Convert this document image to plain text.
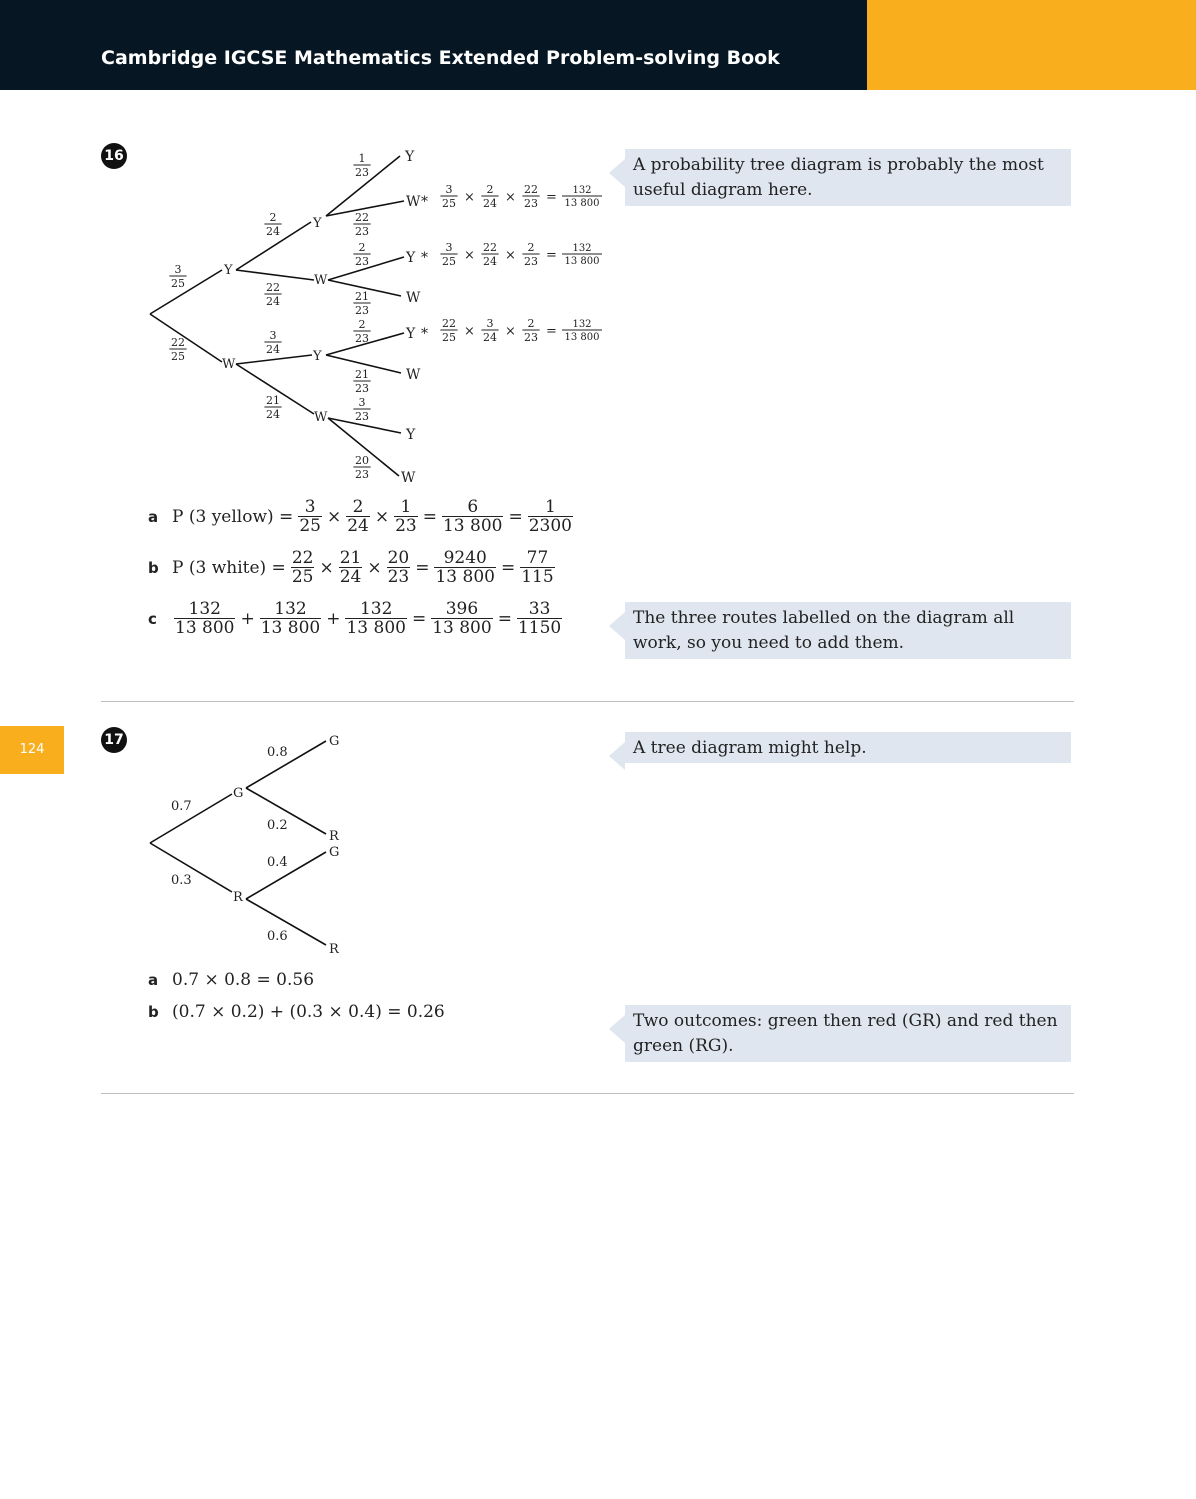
Cambridge IGCSE Mathematics Extended Problem-solving Book
124
16
Y
W
Y
W
Y
W
Y
W
Y
W
Y
W
Y
W
*
*
*
3
25
22
25
2
24
22
24
3
24
21
24
1
23
22
23
2
23
21
23
2
23
21
23
3
23
20
23
3
25 ×
2
24 ×
22
23 = 132
13 800
3
25 ×
22
24 ×
2
23 = 132
13 800
22
25 ×
3
24 ×
2
23 = 132
13 800
a P (3 yellow) = $\frac{3}{25} \times \frac{2}{24} \times \frac{1}{23} = \frac{6}{13 800} = \frac{1}{2300}$
b P (3 white) = $\frac{22}{25} \times \frac{21}{24} \times \frac{20}{23} = \frac{9240}{13 800} = \frac{77}{115}$
c	$\frac{132}{13 800} + \frac{132}{13 800} + \frac{132}{13 800} = \frac{396}{13 800} = \frac{33}{1150}$
A probability tree diagram is probably the most useful diagram here.
The three routes labelled on the diagram all work, so you need to add them.
17
0.7
0.3
G
R
0.8
0.2
0.4
0.6
G
R
G
R
a 0.7 × 0.8 = 0.56
b (0.7 × 0.2) + (0.3 × 0.4) = 0.26
A tree diagram might help.
Two outcomes: green then red (GR) and red then green (RG).
